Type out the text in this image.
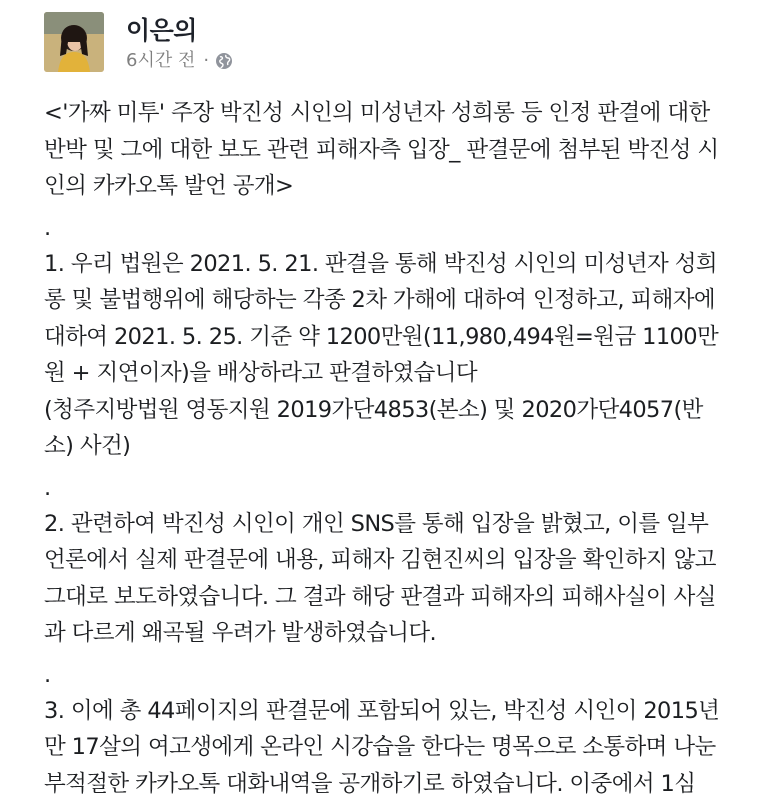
이은의
6시간 전 ·
<'가짜 미투' 주장 박진성 시인의 미성년자 성희롱 등 인정 판결에 대한
반박 및 그에 대한 보도 관련 피해자측 입장_ 판결문에 첨부된 박진성 시
인의 카카오톡 발언 공개>
.
1. 우리 법원은 2021. 5. 21. 판결을 통해 박진성 시인의 미성년자 성희
롱 및 불법행위에 해당하는 각종 2차 가해에 대하여 인정하고, 피해자에
대하여 2021. 5. 25. 기준 약 1200만원(11,980,494원=원금 1100만
원 + 지연이자)을 배상하라고 판결하였습니다
(청주지방법원 영동지원 2019가단4853(본소) 및 2020가단4057(반
소) 사건)
.
2. 관련하여 박진성 시인이 개인 SNS를 통해 입장을 밝혔고, 이를 일부
언론에서 실제 판결문에 내용, 피해자 김현진씨의 입장을 확인하지 않고
그대로 보도하였습니다. 그 결과 해당 판결과 피해자의 피해사실이 사실
과 다르게 왜곡될 우려가 발생하였습니다.
.
3. 이에 총 44페이지의 판결문에 포함되어 있는, 박진성 시인이 2015년
만 17살의 여고생에게 온라인 시강습을 한다는 명목으로 소통하며 나눈
부적절한 카카오톡 대화내역을 공개하기로 하였습니다. 이중에서 1심
